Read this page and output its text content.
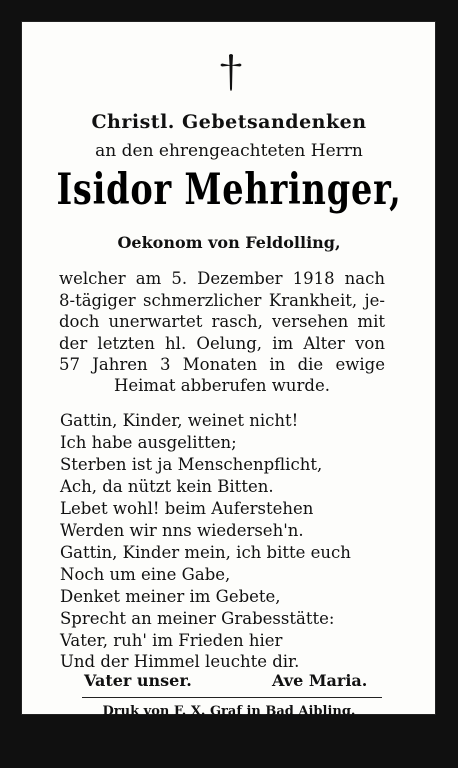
Christl. Gebetsandenken
an den ehrengeachteten Herrn
Isidor Mehringer,
Oekonom von Feldolling,
welcher am 5. Dezember 1918 nach
8-tägiger schmerzlicher Krankheit, je-
doch unerwartet rasch, versehen mit
der letzten hl. Oelung, im Alter von
57 Jahren 3 Monaten in die ewige
Heimat abberufen wurde.
Gattin, Kinder, weinet nicht!
Ich habe ausgelitten;
Sterben ist ja Menschenpflicht,
Ach, da nützt kein Bitten.
Lebet wohl! beim Auferstehen
Werden wir nns wiederseh'n.
Gattin, Kinder mein, ich bitte euch
Noch um eine Gabe,
Denket meiner im Gebete,
Sprecht an meiner Grabesstätte:
Vater, ruh' im Frieden hier
Und der Himmel leuchte dir.
Vater unser.	Ave Maria.
Druk von F. X. Graf in Bad Aibling.
